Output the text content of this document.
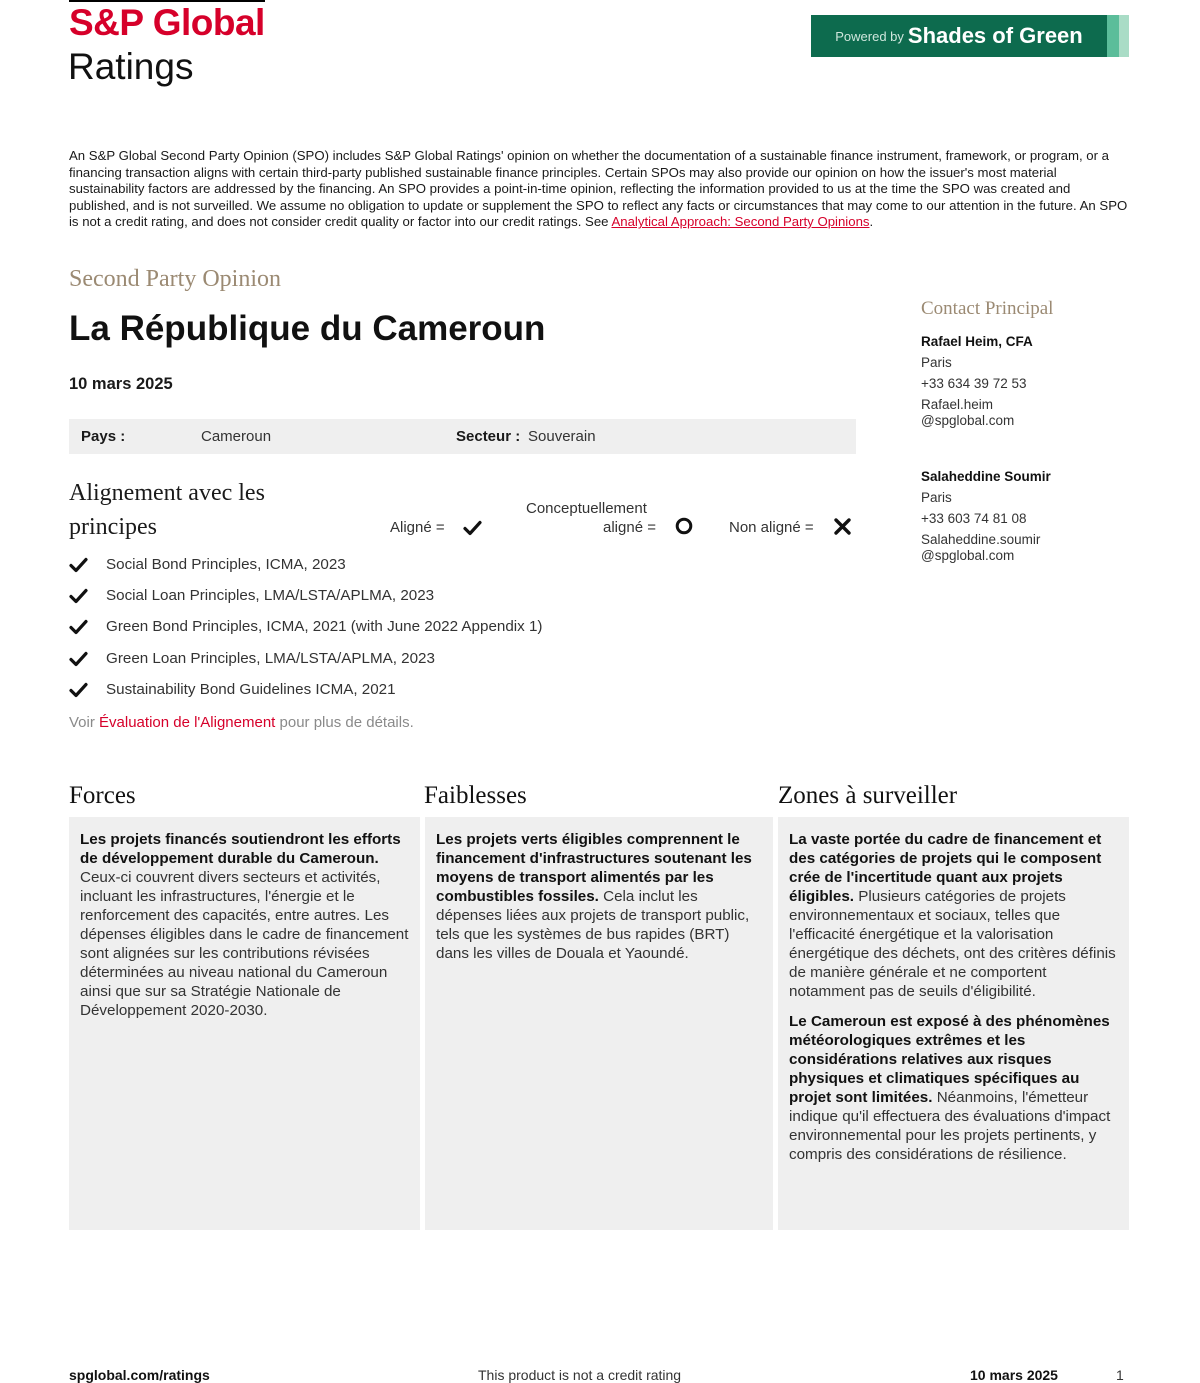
S&P Global
Ratings
Powered by Shades of Green
An S&P Global Second Party Opinion (SPO) includes S&P Global Ratings' opinion on whether the documentation of a sustainable finance instrument, framework, or program, or a financing transaction aligns with certain third-party published sustainable finance principles. Certain SPOs may also provide our opinion on how the issuer's most material sustainability factors are addressed by the financing. An SPO provides a point-in-time opinion, reflecting the information provided to us at the time the SPO was created and published, and is not surveilled. We assume no obligation to update or supplement the SPO to reflect any facts or circumstances that may come to our attention in the future. An SPO is not a credit rating, and does not consider credit quality or factor into our credit ratings. See Analytical Approach: Second Party Opinions.
Second Party Opinion
La République du Cameroun
10 mars 2025
Pays :	Cameroun	Secteur : Souverain
Alignement avec les
principes	Aligné =
Conceptuellement
aligné =	Non aligné =
Social Bond Principles, ICMA, 2023
Social Loan Principles, LMA/LSTA/APLMA, 2023
Green Bond Principles, ICMA, 2021 (with June 2022 Appendix 1)
Green Loan Principles, LMA/LSTA/APLMA, 2023
Sustainability Bond Guidelines ICMA, 2021
Voir Évaluation de l'Alignement pour plus de détails.
Forces	Faiblesses	Zones à surveiller

Les projets financés soutiendront les efforts de développement durable du Cameroun. Ceux-ci couvrent divers secteurs et activités, incluant les infrastructures, l'énergie et le renforcement des capacités, entre autres. Les dépenses éligibles dans le cadre de financement sont alignées sur les contributions révisées déterminées au niveau national du Cameroun ainsi que sur sa Stratégie Nationale de Développement 2020-2030.

Les projets verts éligibles comprennent le financement d'infrastructures soutenant les moyens de transport alimentés par les combustibles fossiles. Cela inclut les dépenses liées aux projets de transport public, tels que les systèmes de bus rapides (BRT) dans les villes de Douala et Yaoundé.

La vaste portée du cadre de financement et des catégories de projets qui le composent crée de l'incertitude quant aux projets éligibles. Plusieurs catégories de projets environnementaux et sociaux, telles que l'efficacité énergétique et la valorisation énergétique des déchets, ont des critères définis de manière générale et ne comportent notamment pas de seuils d'éligibilité.

Le Cameroun est exposé à des phénomènes météorologiques extrêmes et les considérations relatives aux risques physiques et climatiques spécifiques au projet sont limitées. Néanmoins, l'émetteur indique qu'il effectuera des évaluations d'impact environnemental pour les projets pertinents, y compris des considérations de résilience.

Contact Principal
Rafael Heim, CFA
Paris
+33 634 39 72 53
Rafael.heim
@spglobal.com
Salaheddine Soumir
Paris
+33 603 74 81 08
Salaheddine.soumir
@spglobal.com
spglobal.com/ratings	This product is not a credit rating	10 mars 2025	1
